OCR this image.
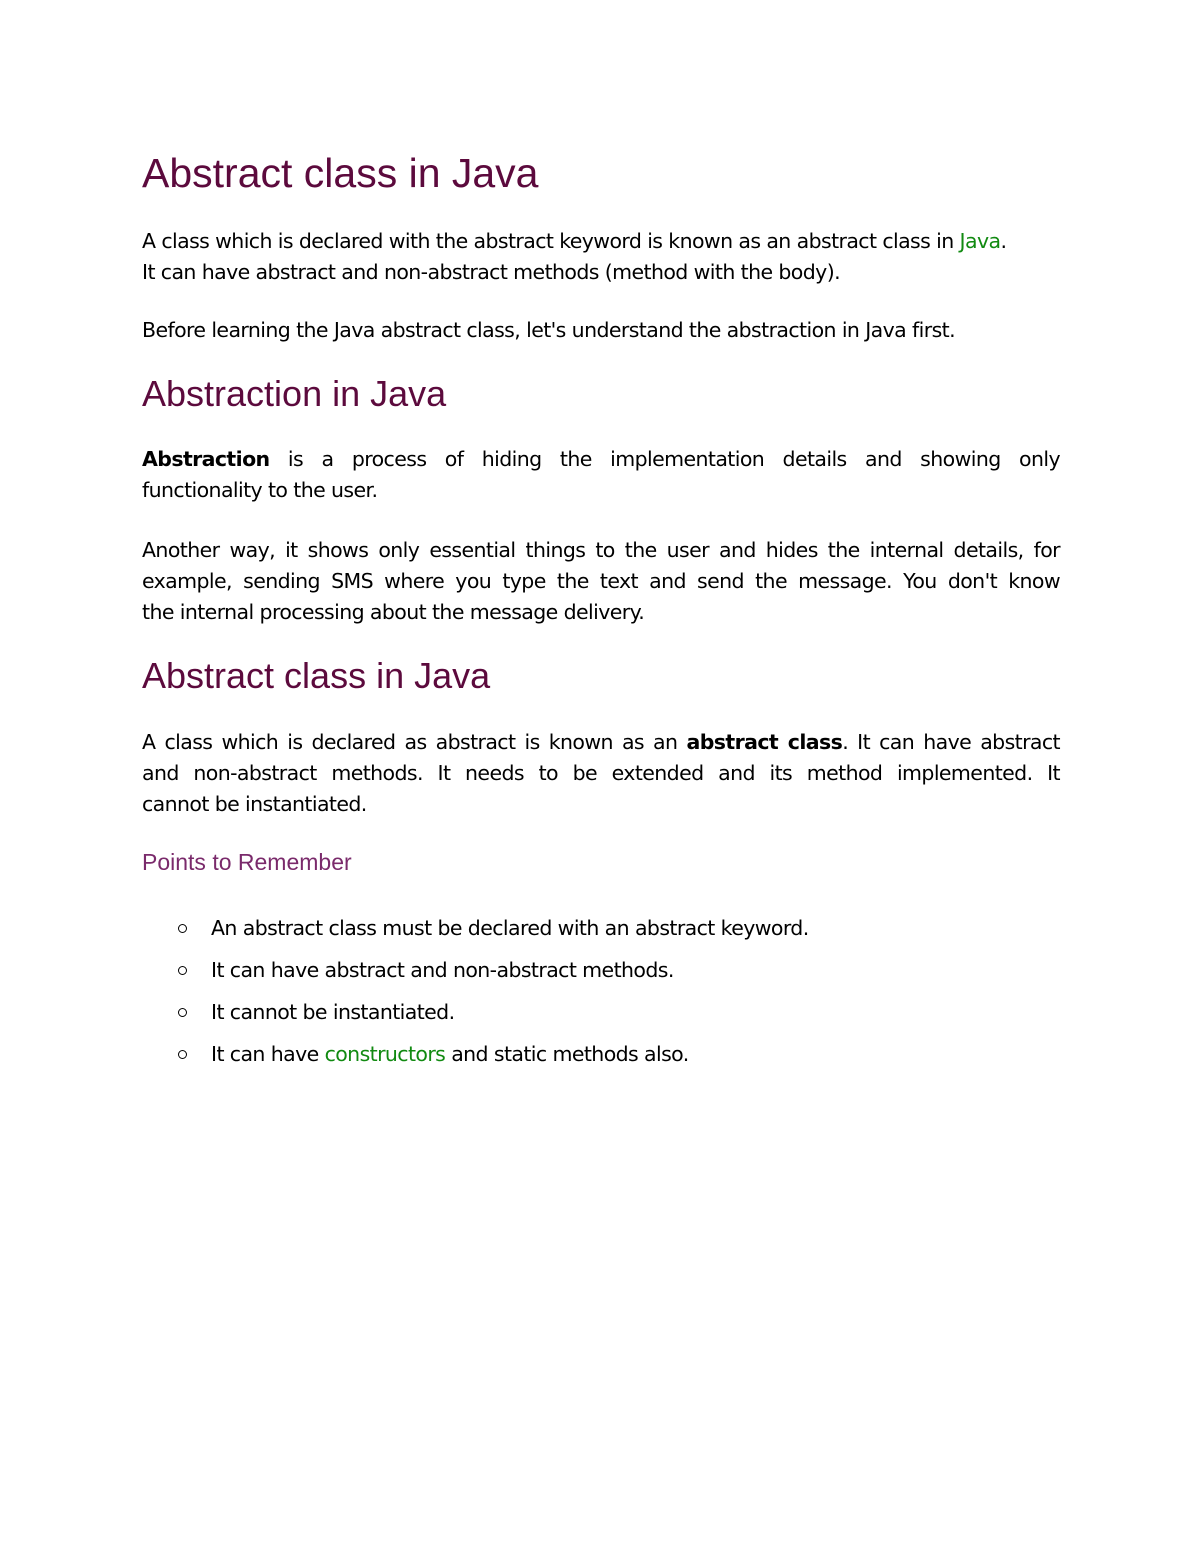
Abstract class in Java

A class which is declared with the abstract keyword is known as an abstract class in Java.
It can have abstract and non-abstract methods (method with the body).

Before learning the Java abstract class, let's understand the abstraction in Java first.

Abstraction in Java

Abstraction is a process of hiding the implementation details and showing only
functionality to the user.

Another way, it shows only essential things to the user and hides the internal details, for
example, sending SMS where you type the text and send the message. You don't know
the internal processing about the message delivery.

Abstract class in Java

A class which is declared as abstract is known as an abstract class. It can have abstract
and non-abstract methods. It needs to be extended and its method implemented. It
cannot be instantiated.

Points to Remember
An abstract class must be declared with an abstract keyword.
It can have abstract and non-abstract methods.
It cannot be instantiated.
It can have constructors and static methods also.
